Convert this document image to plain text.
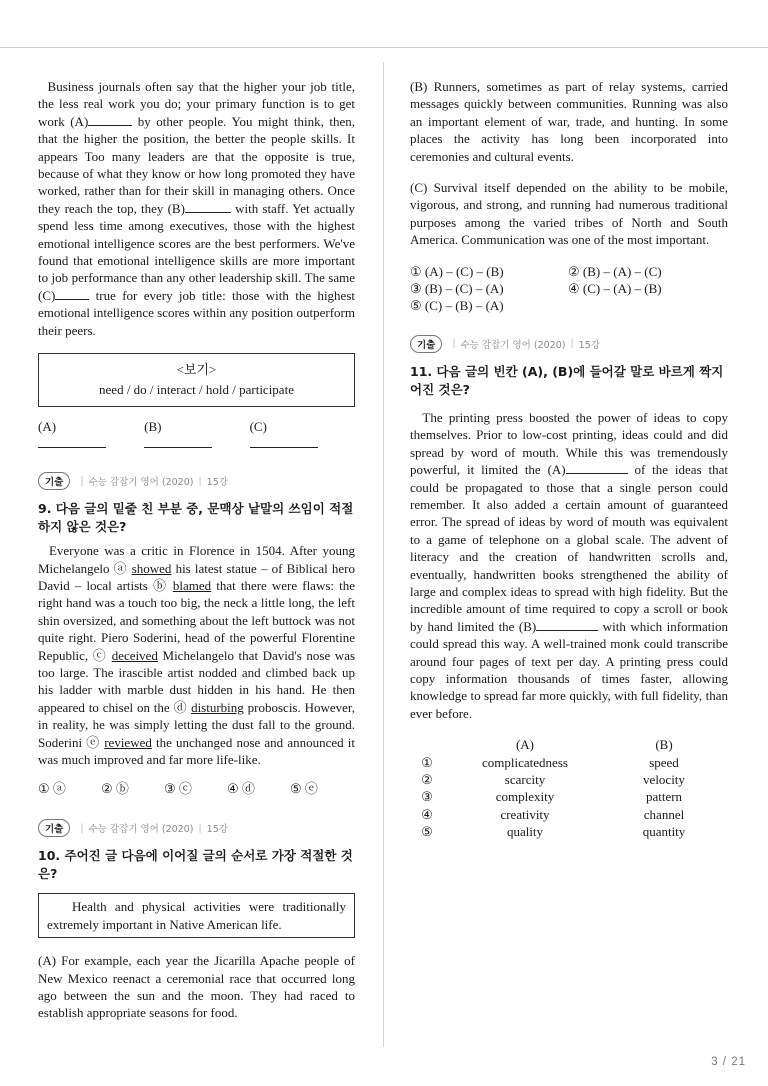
Business journals often say that the higher your job title, the less real work you do; your primary function is to get work (A)	by other people. You might think, then, that the higher the position, the better the people skills. It appears Too many leaders are that the opposite is true, because of what they know or how long promoted they have worked, rather than for their skill in managing others. Once they reach the top, they (B)	with staff. Yet actually spend less time among executives, those with the highest emotional intelligence scores are the best performers. We've found that emotional intelligence skills are more important to job performance than any other leadership skill. The same (C)	true for every job title: those with the highest emotional intelligence scores within any position outperform their peers.

<보기>
need / do / interact / hold / participate
(A)	(B)	(C)
기출	| 수능 감잡기 영어 (2020) | 15강
9. 다음 글의 밑줄 친 부분 중, 문맥상 낱말의 쓰임이 적절하지 않은 것은?

Everyone was a critic in Florence in 1504. After young Michelangelo ⓐ showed his latest statue – of Biblical hero David – local artists ⓑ blamed that there were flaws: the right hand was a touch too big, the neck a little long, the left shin oversized, and something about the left buttock was not quite right. Piero Soderini, head of the powerful Florentine Republic, ⓒ deceived Michelangelo that David's nose was too large. The irascible artist nodded and climbed back up his ladder with marble dust hidden in his hand. He then appeared to chisel on the ⓓ disturbing proboscis. However, in reality, he was simply letting the dust fall to the ground. Soderini ⓔ reviewed the unchanged nose and announced it was much improved and far more life-like.

① ⓐ	② ⓑ	③ ⓒ	④ ⓓ	⑤ ⓔ
기출	| 수능 감잡기 영어 (2020) | 15강
10. 주어진 글 다음에 이어질 글의 순서로 가장 적절한 것은?
Health and physical activities were traditionally extremely important in Native American life.

(A) For example, each year the Jicarilla Apache people of New Mexico reenact a ceremonial race that occurred long ago between the sun and the moon. They had raced to establish appropriate seasons for food.

(B) Runners, sometimes as part of relay systems, carried messages quickly between communities. Running was also an important element of war, trade, and hunting. In some places the activity has long been incorporated into ceremonies and cultural events.

(C) Survival itself depended on the ability to be mobile, vigorous, and strong, and running had numerous traditional purposes among the varied tribes of North and South America. Communication was one of the most important.

① (A) – (C) – (B)	② (B) – (A) – (C)
③ (B) – (C) – (A)	④ (C) – (A) – (B)
⑤ (C) – (B) – (A)
기출	| 수능 감잡기 영어 (2020) | 15강
11. 다음 글의 빈칸 (A), (B)에 들어갈 말로 바르게 짝지어진 것은?

The printing press boosted the power of ideas to copy themselves. Prior to low-cost printing, ideas could and did spread by word of mouth. While this was tremendously powerful, it limited the (A)	of the ideas that could be propagated to those that a single person could remember. It also added a certain amount of guaranteed error. The spread of ideas by word of mouth was equivalent to a game of telephone on a global scale. The advent of literacy and the creation of handwritten scrolls and, eventually, handwritten books strengthened the ability of large and complex ideas to spread with high fidelity. But the incredible amount of time required to copy a scroll or book by hand limited the (B)	with which information could spread this way. A well-trained monk could transcribe around four pages of text per day. A printing press could copy information thousands of times faster, allowing knowledge to spread far more quickly, with full fidelity, than ever before.

	(A)	(B)
①	complicatedness	speed
②	scarcity	velocity
③	complexity	pattern
④	creativity	channel
⑤	quality	quantity
3 / 21
